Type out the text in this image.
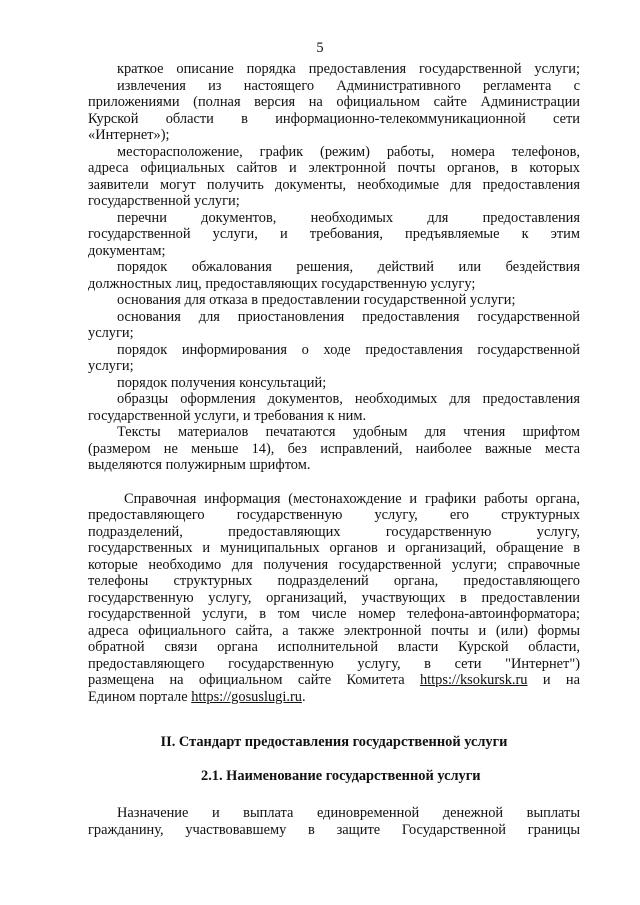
5

краткое описание порядка предоставления государственной услуги;

извлечения из настоящего Административного регламента с

приложениями (полная версия на официальном сайте Администрации

Курской области в информационно-телекоммуникационной сети

«Интернет»);

месторасположение, график (режим) работы, номера телефонов,

адреса официальных сайтов и электронной почты органов, в которых

заявители могут получить документы, необходимые для предоставления

государственной услуги;

перечни документов, необходимых для предоставления

государственной услуги, и требования, предъявляемые к этим

документам;

порядок обжалования решения, действий или бездействия

должностных лиц, предоставляющих государственную услугу;

основания для отказа в предоставлении государственной услуги;

основания для приостановления предоставления государственной

услуги;

порядок информирования о ходе предоставления государственной

услуги;

порядок получения консультаций;

образцы оформления документов, необходимых для предоставления

государственной услуги, и требования к ним.

Тексты материалов печатаются удобным для чтения шрифтом

(размером не меньше 14), без исправлений, наиболее важные места

выделяются полужирным шрифтом.

Справочная информация (местонахождение и графики работы органа,

предоставляющего государственную услугу, его структурных

подразделений, предоставляющих государственную услугу,

государственных и муниципальных органов и организаций, обращение в

которые необходимо для получения государственной услуги; справочные

телефоны структурных подразделений органа, предоставляющего

государственную услугу, организаций, участвующих в предоставлении

государственной услуги, в том числе номер телефона-автоинформатора;

адреса официального сайта, а также электронной почты и (или) формы

обратной связи органа исполнительной власти Курской области,

предоставляющего государственную услугу, в сети "Интернет")

размещена на официальном сайте Комитета https://ksokursk.ru и на

Едином портале https://gosuslugi.ru.

II. Стандарт предоставления государственной услуги

2.1. Наименование государственной услуги

Назначение и выплата единовременной денежной выплаты

гражданину, участвовавшему в защите Государственной границы
